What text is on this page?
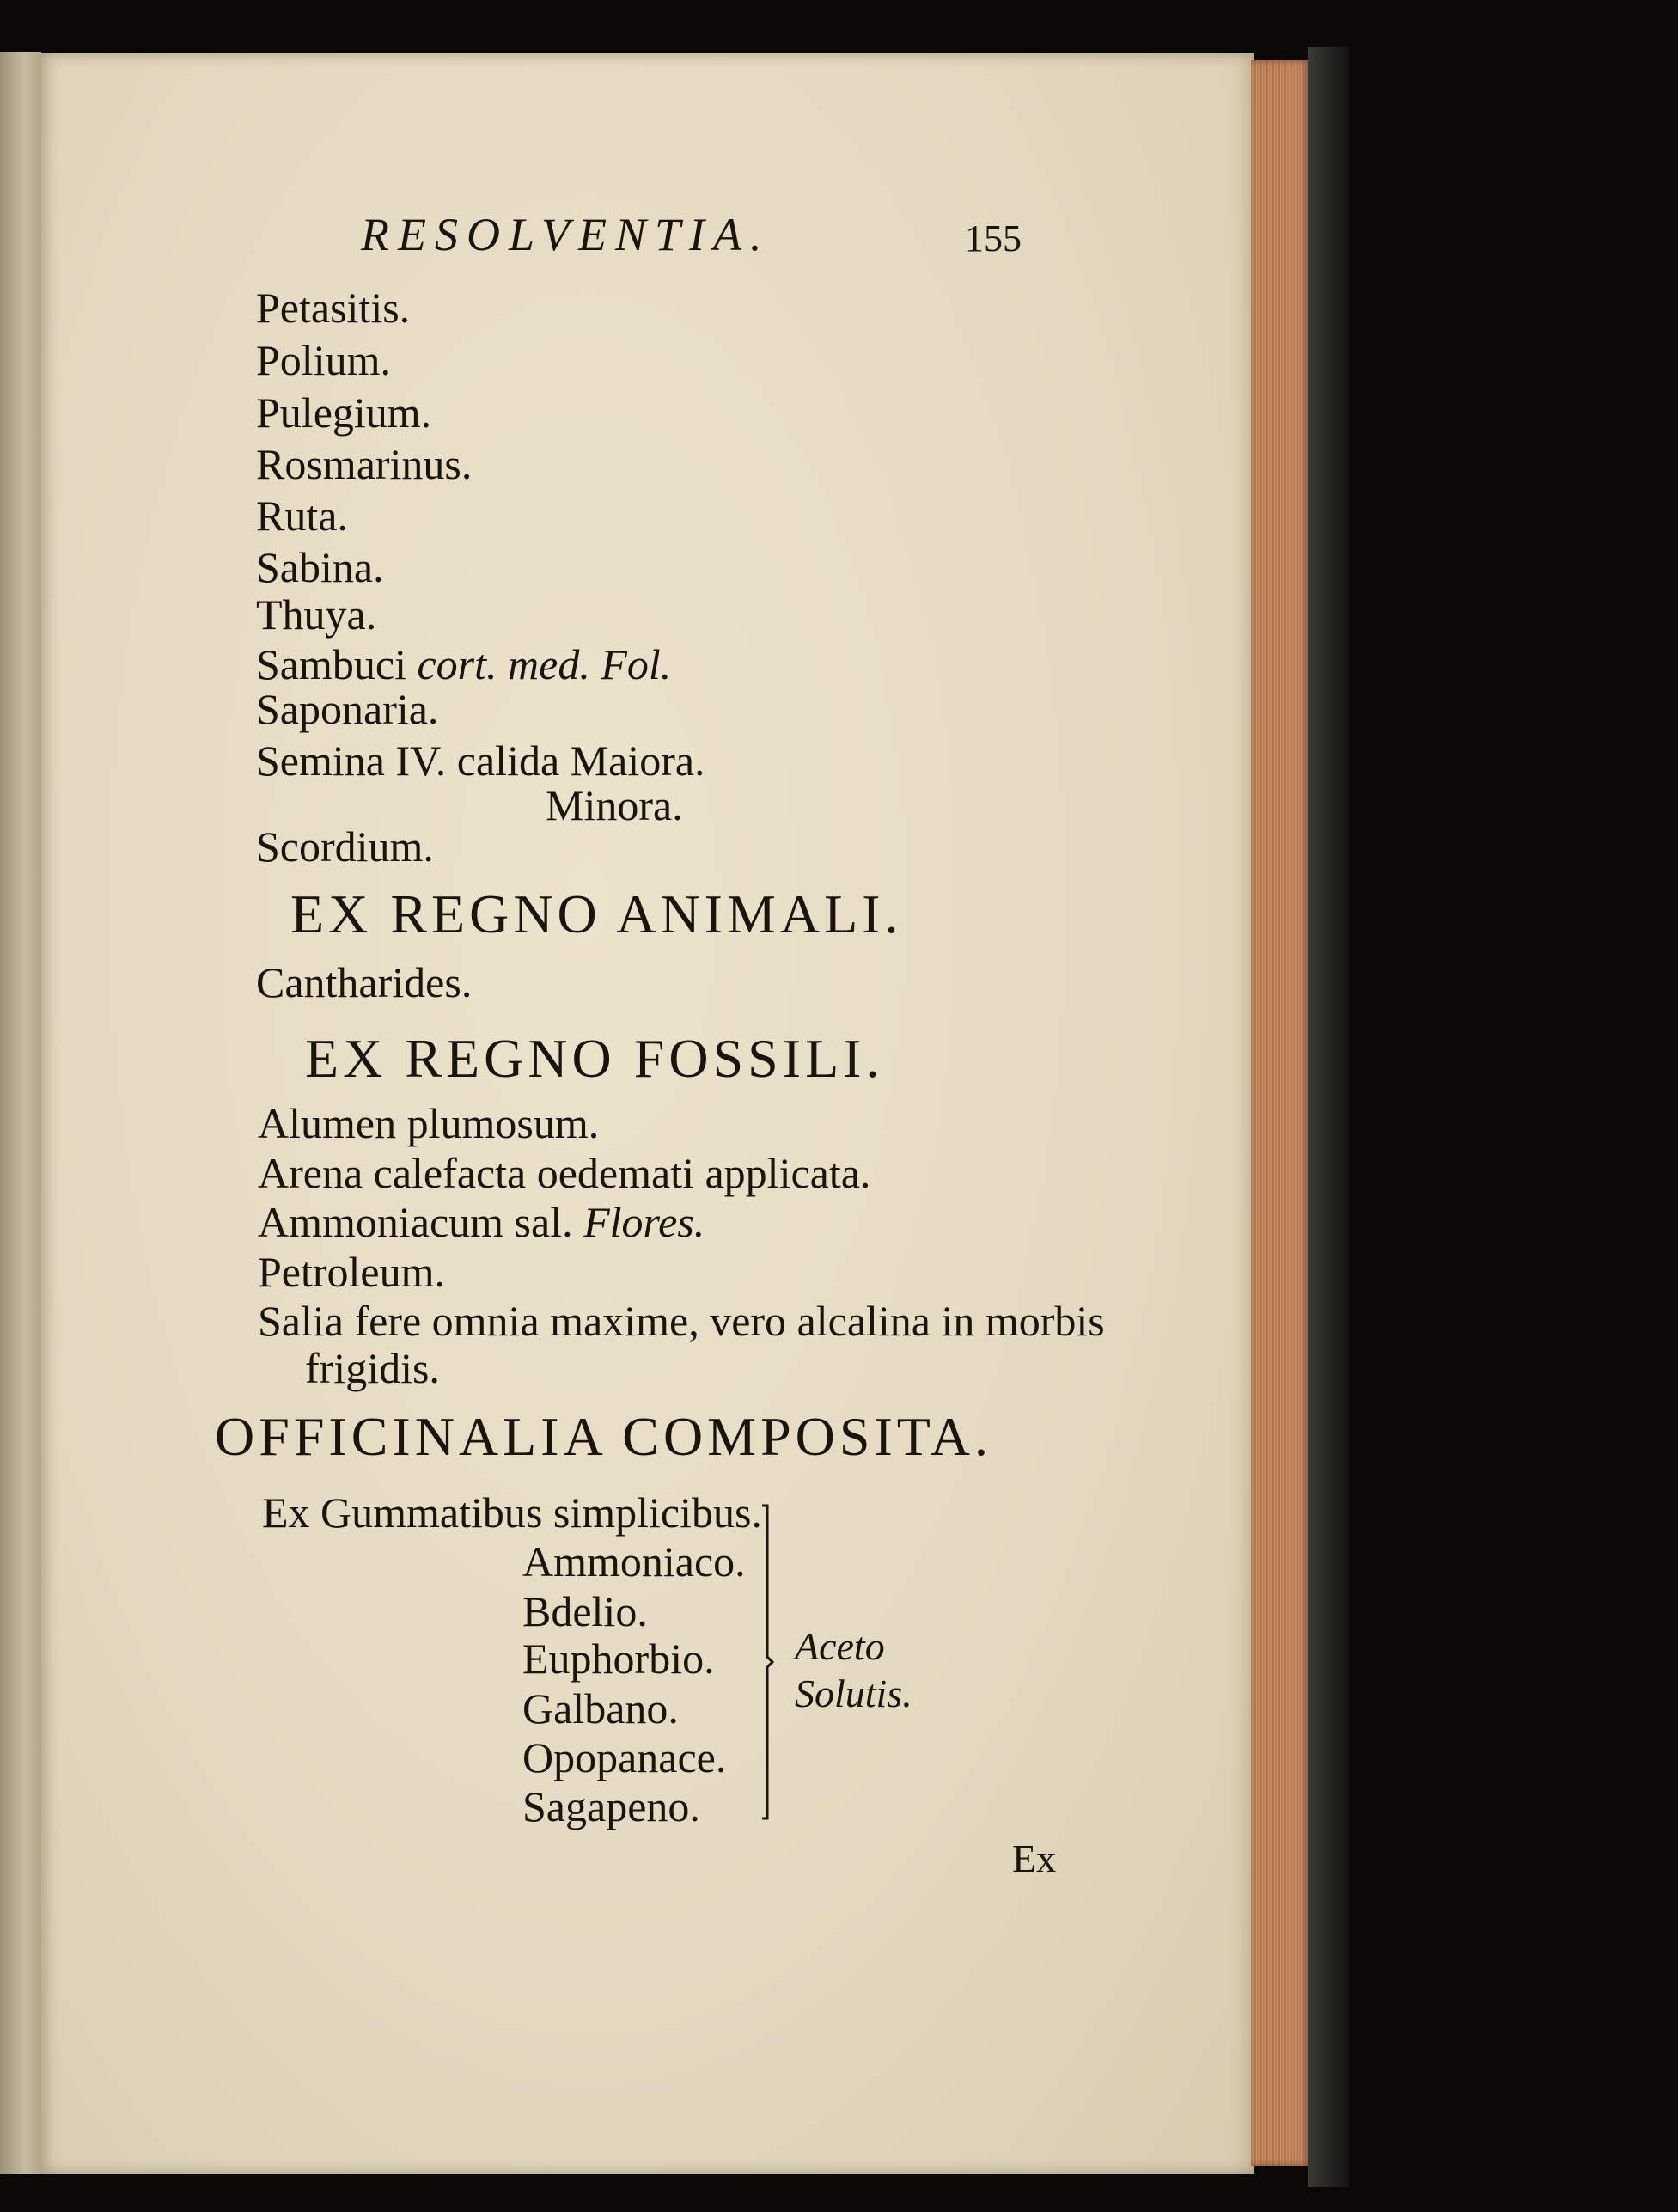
RESOLVENTIA.	155
Petasitis.
Polium.
Pulegium.
Rosmarinus.
Ruta.
Sabina.
Thuya.
Sambuci cort. med. Fol.
Saponaria.
Semina IV. calida Maiora.
Minora.
Scordium.
EX REGNO ANIMALI.
Cantharides.
EX REGNO FOSSILI.
Alumen plumosum.
Arena calefacta oedemati applicata.
Ammoniacum sal. Flores.
Petroleum.
Salia fere omnia maxime, vero alcalina in morbis
frigidis.
OFFICINALIA COMPOSITA.
Ex Gummatibus simplicibus.
Ammoniaco.
Bdelio.
Euphorbio.
Galbano.
Opopanace.
Sagapeno.
Aceto
Solutis.
Ex
